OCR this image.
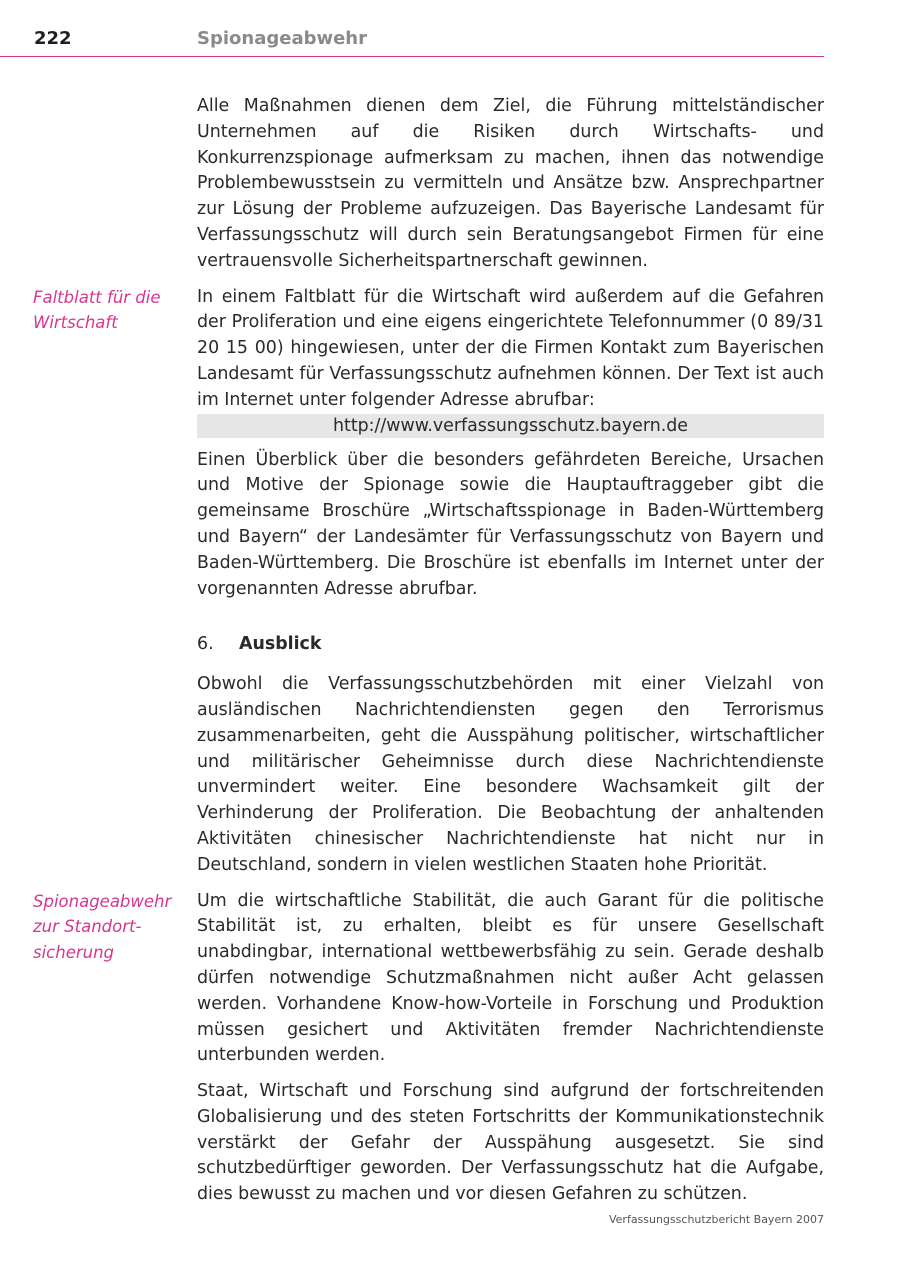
222	Spionageabwehr

Alle Maßnahmen dienen dem Ziel, die Führung mittelständischer Unternehmen auf die Risiken durch Wirtschafts- und Konkurrenzspionage aufmerksam zu machen, ihnen das notwendige Problembewusstsein zu vermitteln und Ansätze bzw. Ansprechpartner zur Lösung der Probleme aufzuzeigen. Das Bayerische Landesamt für Verfassungsschutz will durch sein Beratungsangebot Firmen für eine vertrauensvolle Sicherheitspartnerschaft gewinnen.

Faltblatt für die
Wirtschaft
In einem Faltblatt für die Wirtschaft wird außerdem auf die Gefahren der Proliferation und eine eigens eingerichtete Telefonnummer (0 89/31 20 15 00) hingewiesen, unter der die Firmen Kontakt zum Bayerischen Landesamt für Verfassungsschutz aufnehmen können. Der Text ist auch im Internet unter folgender Adresse abrufbar:
http://www.verfassungsschutz.bayern.de

Einen Überblick über die besonders gefährdeten Bereiche, Ursachen und Motive der Spionage sowie die Hauptauftraggeber gibt die gemeinsame Broschüre „Wirtschaftsspionage in Baden-Württemberg und Bayern“ der Landesämter für Verfassungsschutz von Bayern und Baden-Württemberg. Die Broschüre ist ebenfalls im Internet unter der vorgenannten Adresse abrufbar.

6. Ausblick

Obwohl die Verfassungsschutzbehörden mit einer Vielzahl von ausländischen Nachrichtendiensten gegen den Terrorismus zusammenarbeiten, geht die Ausspähung politischer, wirtschaftlicher und militärischer Geheimnisse durch diese Nachrichtendienste unvermindert weiter. Eine besondere Wachsamkeit gilt der Verhinderung der Proliferation. Die Beobachtung der anhaltenden Aktivitäten chinesischer Nachrichtendienste hat nicht nur in Deutschland, sondern in vielen westlichen Staaten hohe Priorität.

Spionageabwehr
zur Standort-
sicherung
Um die wirtschaftliche Stabilität, die auch Garant für die politische Stabilität ist, zu erhalten, bleibt es für unsere Gesellschaft unabdingbar, international wettbewerbsfähig zu sein. Gerade deshalb dürfen notwendige Schutzmaßnahmen nicht außer Acht gelassen werden. Vorhandene Know-how-Vorteile in Forschung und Produktion müssen gesichert und Aktivitäten fremder Nachrichtendienste unterbunden werden.

Staat, Wirtschaft und Forschung sind aufgrund der fortschreitenden Globalisierung und des steten Fortschritts der Kommunikationstechnik verstärkt der Gefahr der Ausspähung ausgesetzt. Sie sind schutzbedürftiger geworden. Der Verfassungsschutz hat die Aufgabe, dies bewusst zu machen und vor diesen Gefahren zu schützen.

Verfassungsschutzbericht Bayern 2007
